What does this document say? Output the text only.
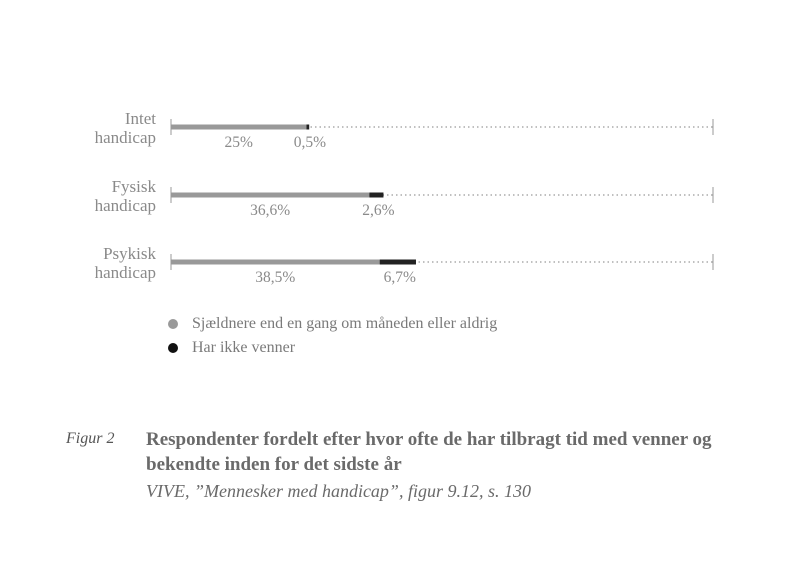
25%	0,5%
Intet
handicap
36,6%	2,6%
Fysisk
handicap
38,5%	6,7%
Psykisk
handicap
Sjældnere end en gang om måneden eller aldrig
Har ikke venner
Figur 2 Respondenter fordelt efter hvor ofte de har tilbragt tid med venner og bekendte inden for det sidste år
VIVE, ”Mennesker med handicap”, figur 9.12, s. 130
